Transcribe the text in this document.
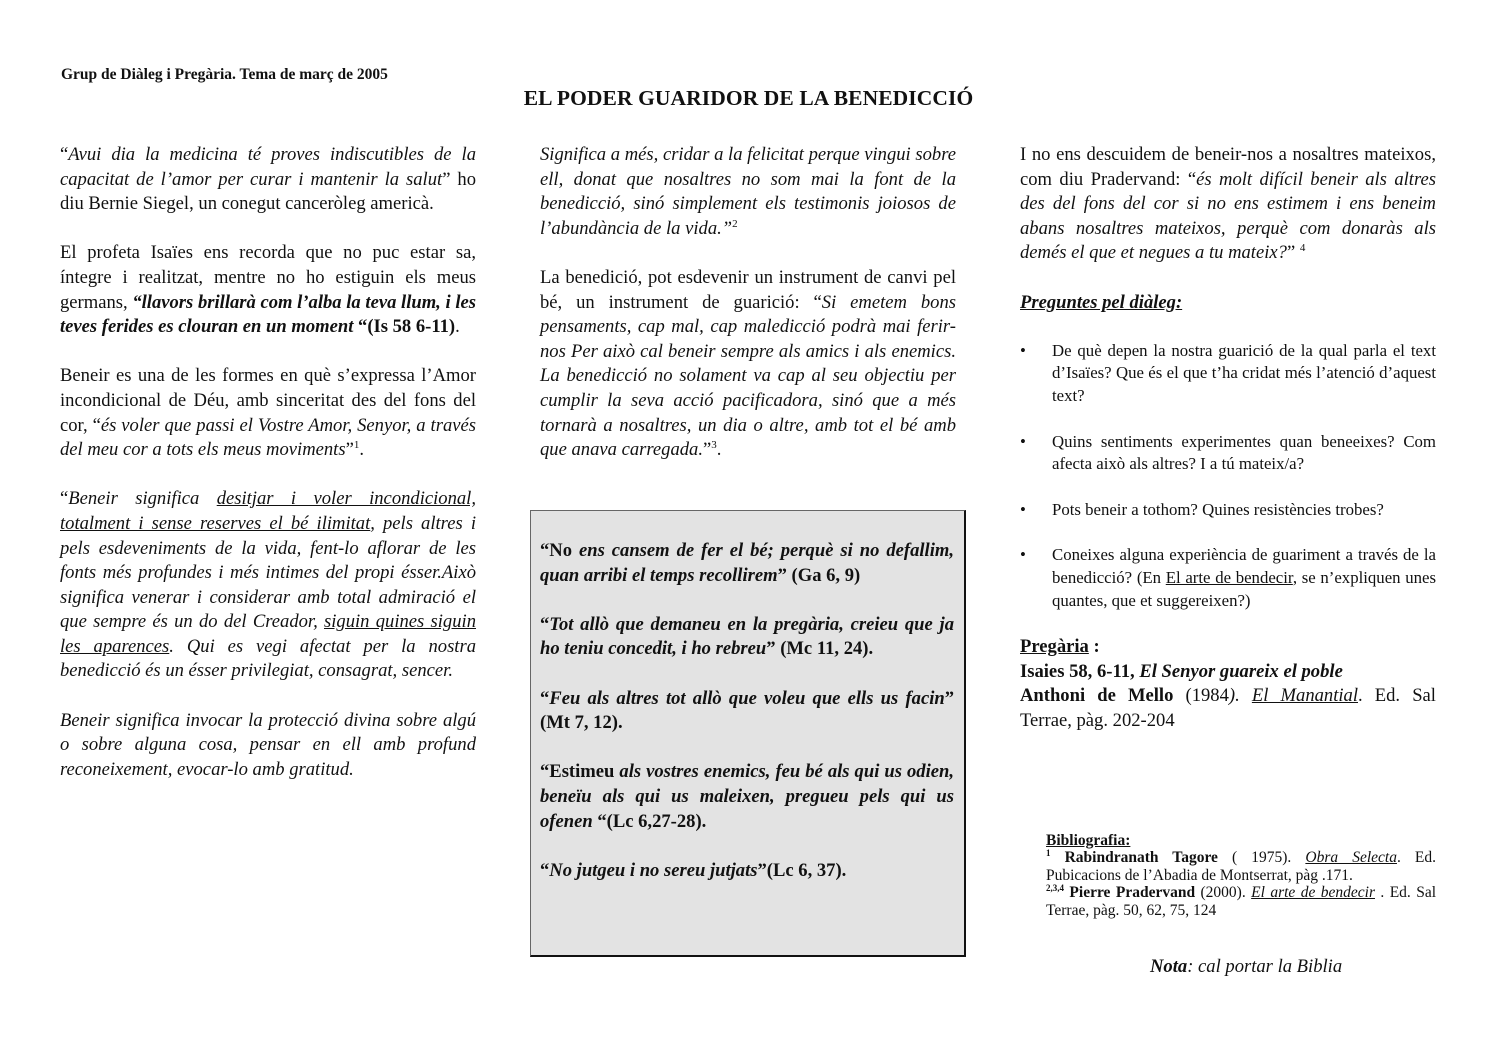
Grup de Diàleg i Pregària. Tema de març de 2005
EL PODER GUARIDOR DE LA BENEDICCIÓ

“Avui dia la medicina té proves indiscutibles de la capacitat de l’amor per curar i mantenir la salut” ho diu Bernie Siegel, un conegut canceròleg americà.

El profeta Isaïes ens recorda que no puc estar sa, íntegre i realitzat, mentre no ho estiguin els meus germans, “llavors brillarà com l’alba la teva llum, i les teves ferides es clouran en un moment “(Is 58 6-11).

Beneir es una de les formes en què s’expressa l’Amor incondicional de Déu, amb sinceritat des del fons del cor, “és voler que passi el Vostre Amor, Senyor, a través del meu cor a tots els meus moviments”$^1$.

“Beneir significa desitjar i voler incondicional, totalment i sense reserves el bé ilimitat, pels altres i pels esdeveniments de la vida, fent-lo aflorar de les fonts més profundes i més intimes del propi ésser.Això significa venerar i considerar amb total admiració el que sempre és un do del Creador, siguin quines siguin les aparences. Qui es vegi afectat per la nostra benedicció és un ésser privilegiat, consagrat, sencer.

Beneir significa invocar la protecció divina sobre algú o sobre alguna cosa, pensar en ell amb profund reconeixement, evocar-lo amb gratitud.

Significa a més, cridar a la felicitat perque vingui sobre ell, donat que nosaltres no som mai la font de la benedicció, sinó simplement els testimonis joiosos de l’abundància de la vida.”$^2$

La benedició, pot esdevenir un instrument de canvi pel bé, un instrument de guarició: “Si emetem bons pensaments, cap mal, cap maledicció podrà mai ferir-nos Per això cal beneir sempre als amics i als enemics. La benedicció no solament va cap al seu objectiu per cumplir la seva acció pacificadora, sinó que a més tornarà a nosaltres, un dia o altre, amb tot el bé amb que anava carregada.”$^3$.

“No ens cansem de fer el bé; perquè si no defallim, quan arribi el temps recollirem” (Ga 6, 9)

“Tot allò que demaneu en la pregària, creieu que ja ho teniu concedit, i ho rebreu” (Mc 11, 24).

“Feu als altres tot allò que voleu que ells us facin” (Mt 7, 12).

“Estimeu als vostres enemics, feu bé als qui us odien, beneïu als qui us maleixen, pregueu pels qui us ofenen “(Lc 6,27-28).

“No jutgeu i no sereu jutjats”(Lc 6, 37).

I no ens descuidem de beneir-nos a nosaltres mateixos, com diu Pradervand: “és molt difícil beneir als altres des del fons del cor si no ens estimem i ens beneim abans nosaltres mateixos, perquè com donaràs als demés el que et negues a tu mateix?” $^4$

Preguntes pel diàleg:

• De què depen la nostra guarició de la qual parla el text d’Isaïes? Que és el que t’ha cridat més l’atenció d’aquest text?
• Quins sentiments experimentes quan beneeixes? Com afecta això als altres? I a tú mateix/a?
• Pots beneir a tothom? Quines resistències trobes?
• Coneixes alguna experiència de guariment a través de la benedicció? (En El arte de bendecir, se n’expliquen unes quantes, que et suggereixen?)
Pregària :
Isaies 58, 6-11, El Senyor guareix el poble
Anthoni de Mello (1984). El Manantial. Ed. Sal Terrae, pàg. 202-204
Bibliografia:
$^1$ Rabindranath Tagore ( 1975). Obra Selecta. Ed. Pubicacions de l’Abadia de Montserrat, pàg .171.
$^{2,3,4}$ Pierre Pradervand (2000). El arte de bendecir . Ed. Sal Terrae, pàg. 50, 62, 75, 124
Nota: cal portar la Biblia
